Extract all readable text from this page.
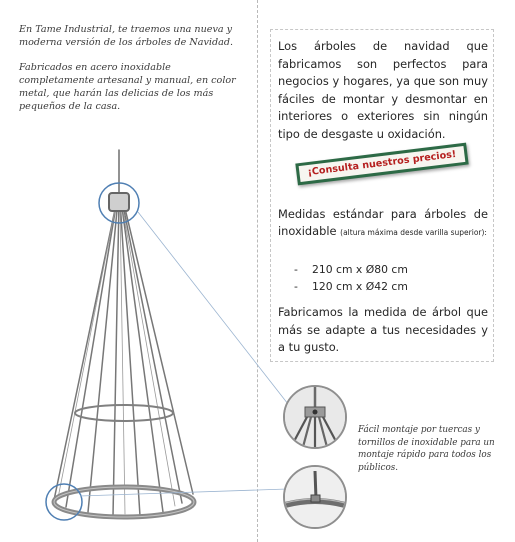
En Tame Industrial, te traemos una nueva y moderna versión de los árboles de Navidad.

Fabricados en acero inoxidable completamente artesanal y manual, en color metal, que harán las delicias de los más pequeños de la casa.

Los árboles de navidad que fabricamos son perfectos para negocios y hogares, ya que son muy fáciles de montar y desmontar en interiores o exteriores sin ningún tipo de desgaste u oxidación.

¡Consulta nuestros precios!

Medidas estándar para árboles de inoxidable (altura máxima desde varilla superior):

- 210 cm x Ø80 cm
- 120 cm x Ø42 cm

Fabricamos la medida de árbol que más se adapte a tus necesidades y a tu gusto.

Fácil montaje por tuercas y tornillos de inoxidable para un montaje rápido para todos los públicos.
